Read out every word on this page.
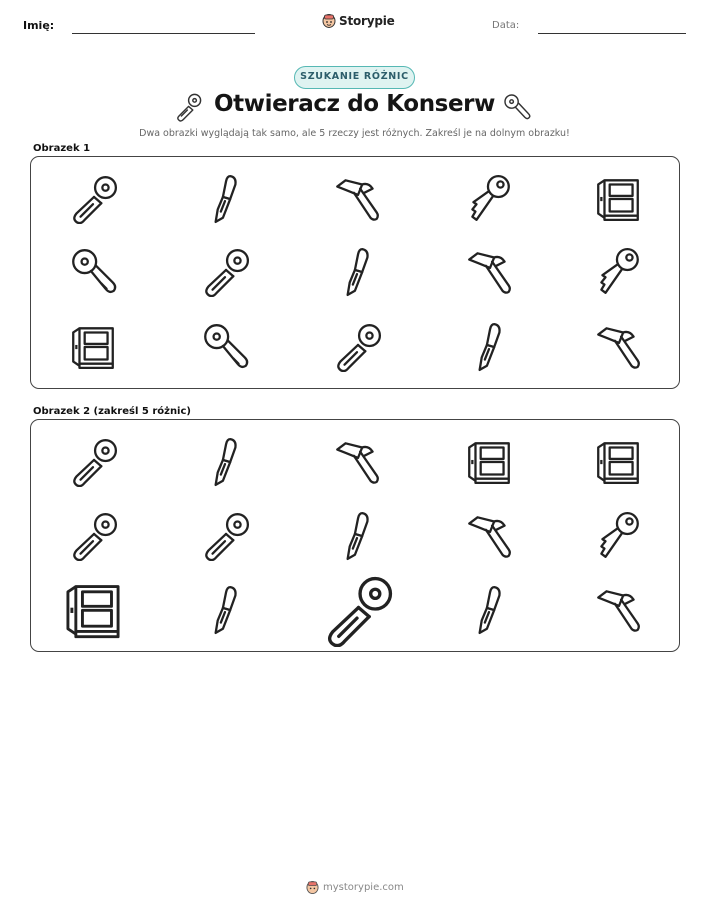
Imię:	Storypie	Data:
SZUKANIE RÓŻNIC
Otwieracz do Konserw
Dwa obrazki wyglądają tak samo, ale 5 rzeczy jest różnych. Zakreśl je na dolnym obrazku!
Obrazek 1
Obrazek 2 (zakreśl 5 różnic)
mystorypie.com
